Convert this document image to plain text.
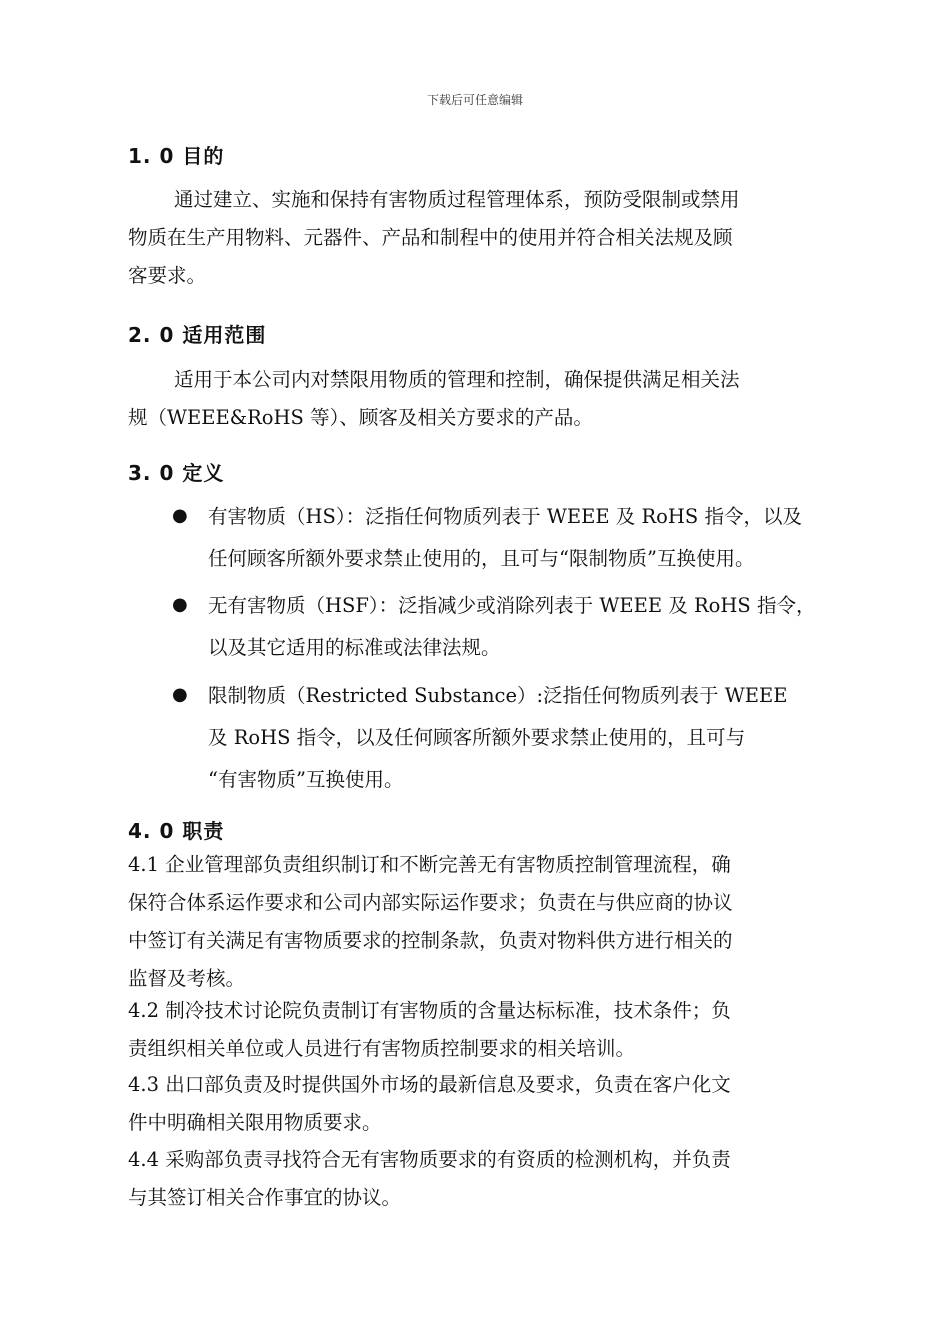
下载后可任意编辑
1. 0 目的
通过建立、实施和保持有害物质过程管理体系，预防受限制或禁用
物质在生产用物料、元器件、产品和制程中的使用并符合相关法规及顾
客要求。
2. 0 适用范围
适用于本公司内对禁限用物质的管理和控制，确保提供满足相关法
规（WEEE&RoHS 等）、顾客及相关方要求的产品。
3. 0 定义
● 有害物质（HS）：泛指任何物质列表于 WEEE 及 RoHS 指令，以及
任何顾客所额外要求禁止使用的，且可与“限制物质”互换使用。
● 无有害物质（HSF）：泛指减少或消除列表于 WEEE 及 RoHS 指令，
以及其它适用的标准或法律法规。
● 限制物质（Restricted Substance）:泛指任何物质列表于 WEEE
及 RoHS 指令，以及任何顾客所额外要求禁止使用的，且可与
“有害物质”互换使用。
4. 0 职责
4.1 企业管理部负责组织制订和不断完善无有害物质控制管理流程，确
保符合体系运作要求和公司内部实际运作要求；负责在与供应商的协议
中签订有关满足有害物质要求的控制条款，负责对物料供方进行相关的
监督及考核。
4.2 制冷技术讨论院负责制订有害物质的含量达标标准，技术条件；负
责组织相关单位或人员进行有害物质控制要求的相关培训。
4.3 出口部负责及时提供国外市场的最新信息及要求，负责在客户化文
件中明确相关限用物质要求。
4.4 采购部负责寻找符合无有害物质要求的有资质的检测机构，并负责
与其签订相关合作事宜的协议。
